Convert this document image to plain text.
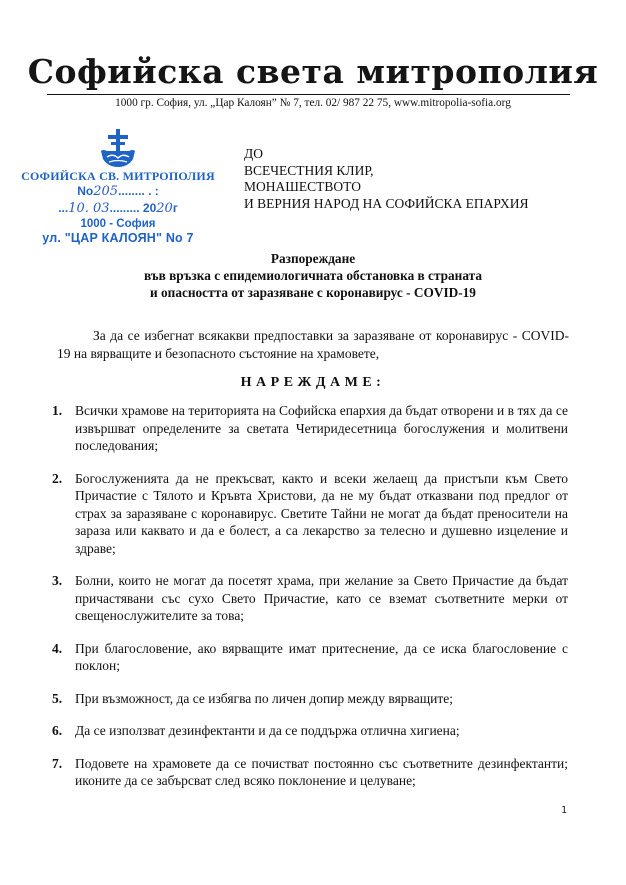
Софийска света митрополия
1000 гр. София, ул. „Цар Калоян” № 7, тел. 02/ 987 22 75, www.mitropolia-sofia.org
СОФИЙСКА СВ. МИТРОПОЛИЯ
No205........ . :
...10. 03......... 2020г
1000 - София
ул. "ЦАР КАЛОЯН" No 7
ДО
ВСЕЧЕСТНИЯ КЛИР,
МОНАШЕСТВОТО
И ВЕРНИЯ НАРОД НА СОФИЙСКА ЕПАРХИЯ
Разпореждане
във връзка с епидемиологичната обстановка в страната
и опасността от заразяване с коронавирус - COVID-19
За да се избегнат всякакви предпоставки за заразяване от коронавирус - COVID-19 на вярващите и безопасното състояние на храмовете,
НАРЕЖДАМЕ:
1. Всички храмове на територията на Софийска епархия да бъдат отворени и в тях да се извършват определените за светата Четиридесетница богослужения и молитвени последования;
2. Богослуженията да не прекъсват, както и всеки желаещ да пристъпи към Свето Причастие с Тялото и Кръвта Христови, да не му бъдат отказвани под предлог от страх за заразяване с коронавирус. Светите Тайни не могат да бъдат преносители на зараза или каквато и да е болест, а са лекарство за телесно и душевно изцеление и здраве;
3. Болни, които не могат да посетят храма, при желание за Свето Причастие да бъдат причастявани със сухо Свето Причастие, като се вземат съответните мерки от свещенослужителите за това;
4. При благословение, ако вярващите имат притеснение, да се иска благословение с поклон;
5. При възможност, да се избягва по личен допир между вярващите;
6. Да се използват дезинфектанти и да се поддържа отлична хигиена;
7. Подовете на храмовете да се почистват постоянно със съответните дезинфектанти; иконите да се забърсват след всяко поклонение и целуване;
1
